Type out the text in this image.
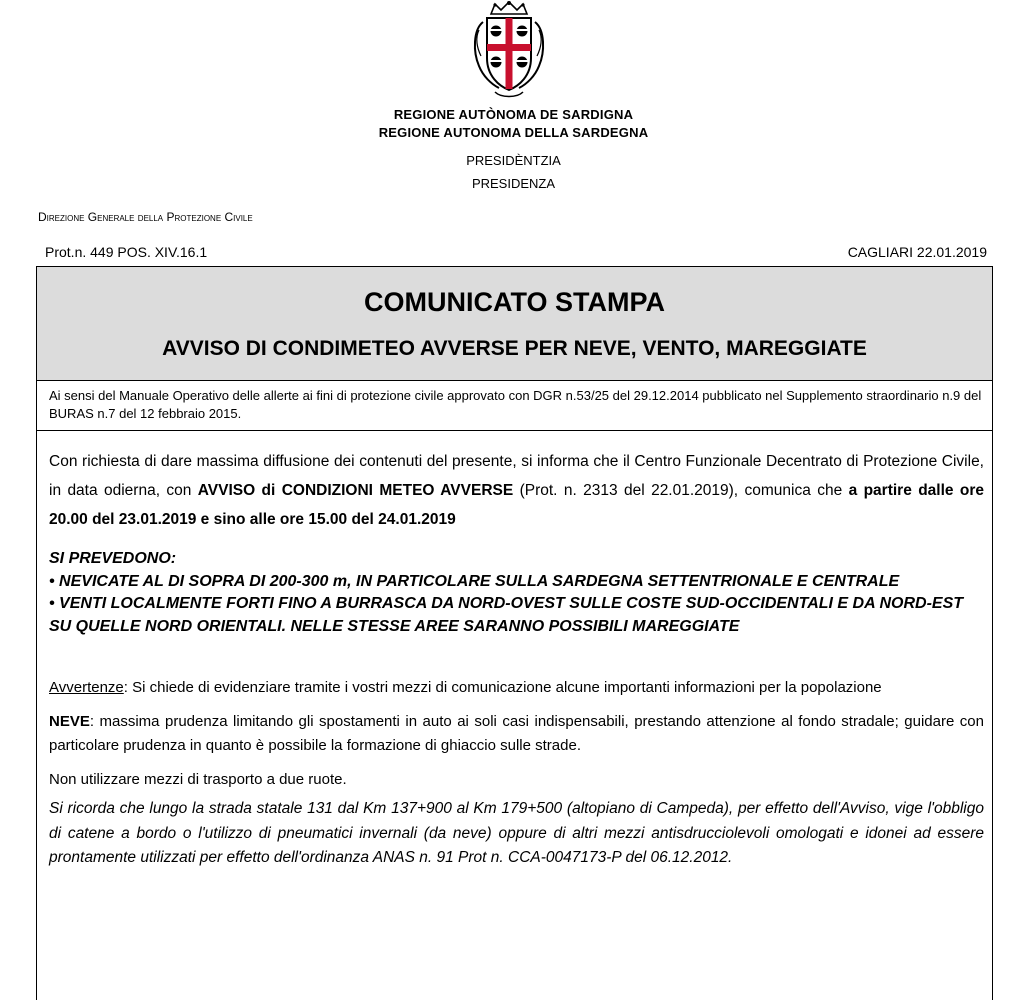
REGIONE AUTÒNOMA DE SARDIGNA
REGIONE AUTONOMA DELLA SARDEGNA
PRESIDÈNTZIA
PRESIDENZA
Direzione Generale della Protezione Civile
Prot.n. 449 POS. XIV.16.1	CAGLIARI 22.01.2019
COMUNICATO STAMPA
AVVISO DI CONDIMETEO AVVERSE PER NEVE, VENTO, MAREGGIATE
Ai sensi del Manuale Operativo delle allerte ai fini di protezione civile approvato con DGR n.53/25 del 29.12.2014 pubblicato nel Supplemento straordinario n.9 del BURAS n.7 del 12 febbraio 2015.

Con richiesta di dare massima diffusione dei contenuti del presente, si informa che il Centro Funzionale Decentrato di Protezione Civile, in data odierna, con AVVISO di CONDIZIONI METEO AVVERSE (Prot. n. 2313 del 22.01.2019), comunica che a partire dalle ore 20.00 del 23.01.2019 e sino alle ore 15.00 del 24.01.2019

SI PREVEDONO:
• NEVICATE AL DI SOPRA DI 200-300 m, IN PARTICOLARE SULLA SARDEGNA SETTENTRIONALE E CENTRALE
• VENTI LOCALMENTE FORTI FINO A BURRASCA DA NORD-OVEST SULLE COSTE SUD-OCCIDENTALI E DA NORD-EST SU QUELLE NORD ORIENTALI. NELLE STESSE AREE SARANNO POSSIBILI MAREGGIATE

Avvertenze: Si chiede di evidenziare tramite i vostri mezzi di comunicazione alcune importanti informazioni per la popolazione

NEVE: massima prudenza limitando gli spostamenti in auto ai soli casi indispensabili, prestando attenzione al fondo stradale; guidare con particolare prudenza in quanto è possibile la formazione di ghiaccio sulle strade.

Non utilizzare mezzi di trasporto a due ruote.

Si ricorda che lungo la strada statale 131 dal Km 137+900 al Km 179+500 (altopiano di Campeda), per effetto dell'Avviso, vige l'obbligo di catene a bordo o l'utilizzo di pneumatici invernali (da neve) oppure di altri mezzi antisdrucciolevoli omologati e idonei ad essere prontamente utilizzati per effetto dell'ordinanza ANAS n. 91 Prot n. CCA-0047173-P del 06.12.2012.
